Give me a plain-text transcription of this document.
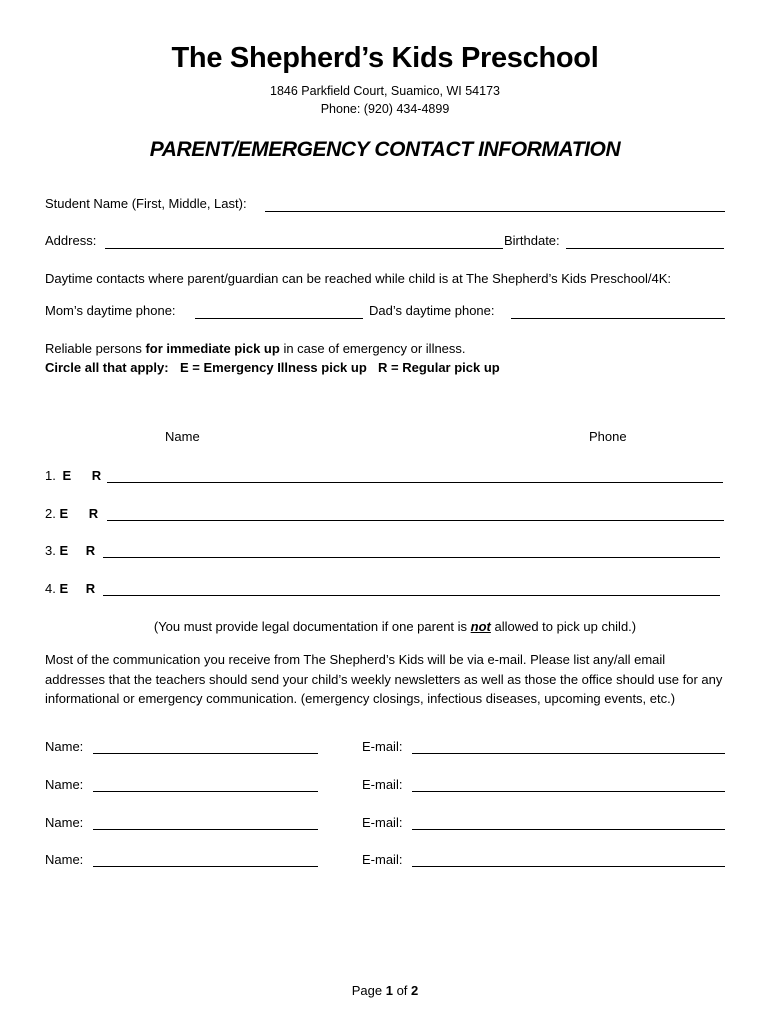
The Shepherd’s Kids Preschool
1846 Parkfield Court, Suamico, WI 54173
Phone: (920) 434-4899
PARENT/EMERGENCY CONTACT INFORMATION
Student Name (First, Middle, Last):
Address:	Birthdate:
Daytime contacts where parent/guardian can be reached while child is at The Shepherd’s Kids Preschool/4K:
Mom’s daytime phone:	Dad’s daytime phone:
Reliable persons for immediate pick up in case of emergency or illness.
Circle all that apply: E = Emergency Illness pick up R = Regular pick up
Name	Phone
1. E R
2. E R
3. E R
4. E R
(You must provide legal documentation if one parent is not allowed to pick up child.)
Most of the communication you receive from The Shepherd’s Kids will be via e-mail. Please list any/all email addresses that the teachers should send your child’s weekly newsletters as well as those the office should use for any informational or emergency communication. (emergency closings, infectious diseases, upcoming events, etc.)
Name:	E-mail:
Name:	E-mail:
Name:	E-mail:
Name:	E-mail:
Page 1 of 2
